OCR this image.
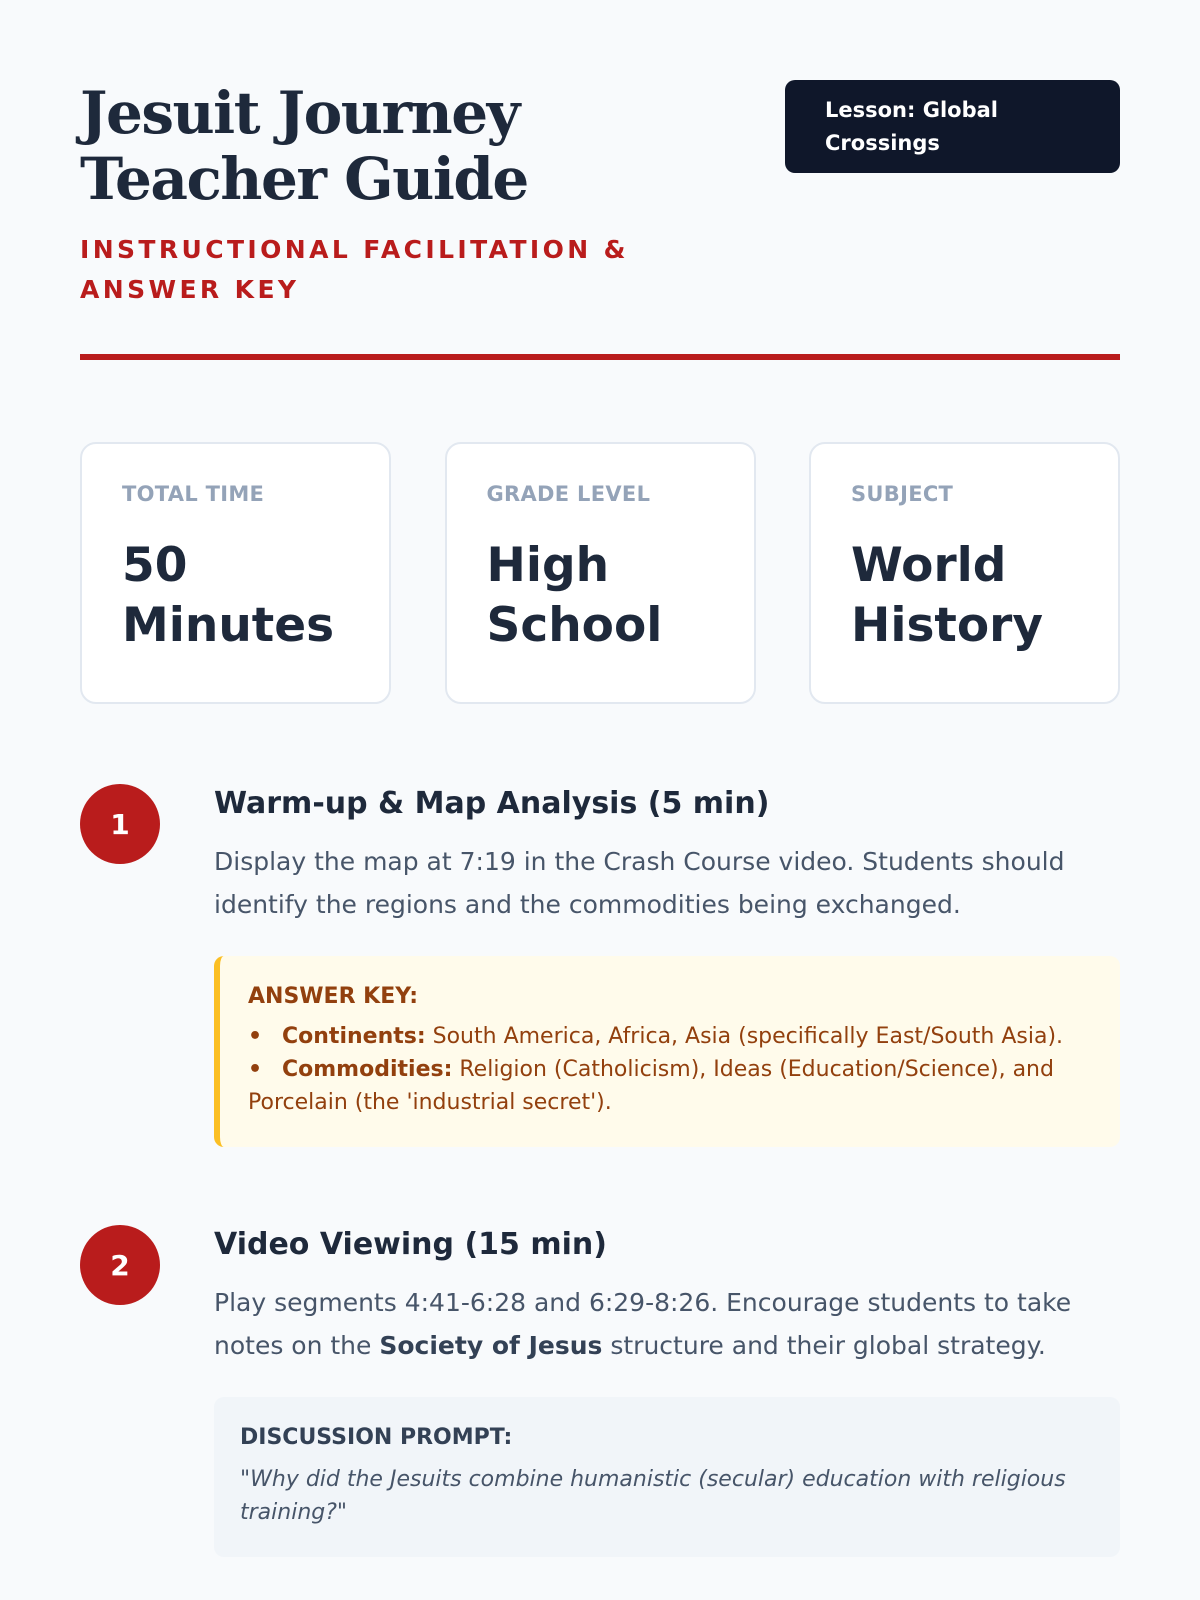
Jesuit Journey Teacher Guide
INSTRUCTIONAL FACILITATION & ANSWER KEY
Lesson: Global Crossings
TOTAL TIME
50 Minutes
GRADE LEVEL
High School
SUBJECT
World History
1
Warm-up & Map Analysis (5 min)

Display the map at 7:19 in the Crash Course video. Students should identify the regions and the commodities being exchanged.

ANSWER KEY:
• Continents: South America, Africa, Asia (specifically East/South Asia).
• Commodities: Religion (Catholicism), Ideas (Education/Science), and Porcelain (the 'industrial secret').
2
Video Viewing (15 min)

Play segments 4:41-6:28 and 6:29-8:26. Encourage students to take notes on the Society of Jesus structure and their global strategy.

DISCUSSION PROMPT:
"Why did the Jesuits combine humanistic (secular) education with religious training?"
